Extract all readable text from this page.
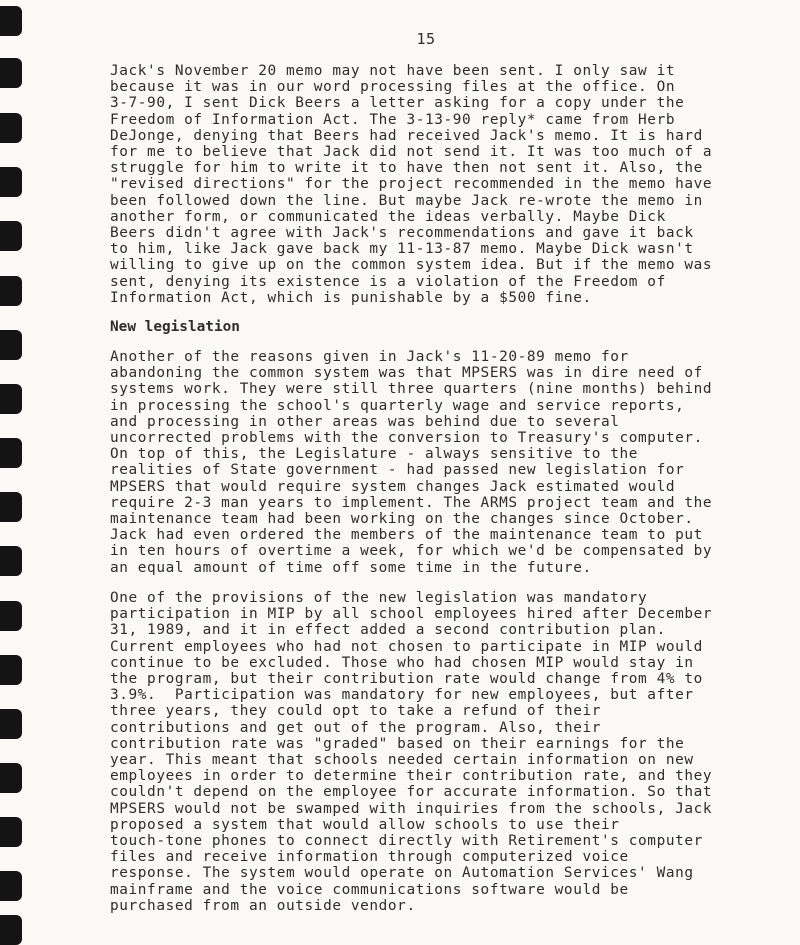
15

Jack's November 20 memo may not have been sent. I only saw it
because it was in our word processing files at the office. On
3-7-90, I sent Dick Beers a letter asking for a copy under the
Freedom of Information Act. The 3-13-90 reply* came from Herb
DeJonge, denying that Beers had received Jack's memo. It is hard
for me to believe that Jack did not send it. It was too much of a
struggle for him to write it to have then not sent it. Also, the
"revised directions" for the project recommended in the memo have
been followed down the line. But maybe Jack re-wrote the memo in
another form, or communicated the ideas verbally. Maybe Dick
Beers didn't agree with Jack's recommendations and gave it back
to him, like Jack gave back my 11-13-87 memo. Maybe Dick wasn't
willing to give up on the common system idea. But if the memo was
sent, denying its existence is a violation of the Freedom of
Information Act, which is punishable by a $500 fine.

New legislation

Another of the reasons given in Jack's 11-20-89 memo for
abandoning the common system was that MPSERS was in dire need of
systems work. They were still three quarters (nine months) behind
in processing the school's quarterly wage and service reports,
and processing in other areas was behind due to several
uncorrected problems with the conversion to Treasury's computer.
On top of this, the Legislature - always sensitive to the
realities of State government - had passed new legislation for
MPSERS that would require system changes Jack estimated would
require 2-3 man years to implement. The ARMS project team and the
maintenance team had been working on the changes since October.
Jack had even ordered the members of the maintenance team to put
in ten hours of overtime a week, for which we'd be compensated by
an equal amount of time off some time in the future.

One of the provisions of the new legislation was mandatory
participation in MIP by all school employees hired after December
31, 1989, and it in effect added a second contribution plan.
Current employees who had not chosen to participate in MIP would
continue to be excluded. Those who had chosen MIP would stay in
the program, but their contribution rate would change from 4% to
3.9%.  Participation was mandatory for new employees, but after
three years, they could opt to take a refund of their
contributions and get out of the program. Also, their
contribution rate was "graded" based on their earnings for the
year. This meant that schools needed certain information on new
employees in order to determine their contribution rate, and they
couldn't depend on the employee for accurate information. So that
MPSERS would not be swamped with inquiries from the schools, Jack
proposed a system that would allow schools to use their
touch-tone phones to connect directly with Retirement's computer
files and receive information through computerized voice
response. The system would operate on Automation Services' Wang
mainframe and the voice communications software would be
purchased from an outside vendor.
